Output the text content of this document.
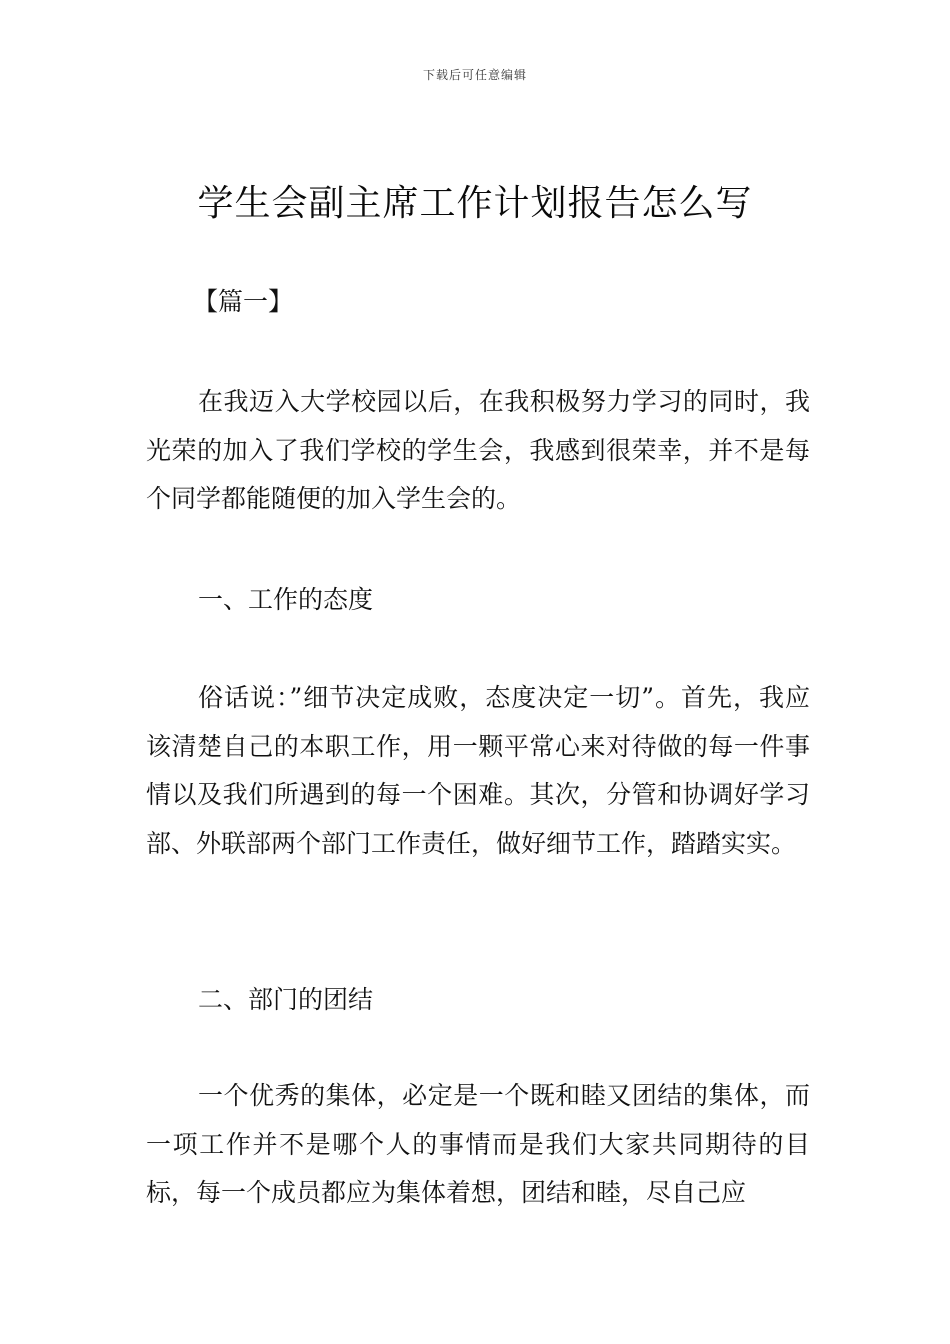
下载后可任意编辑
学生会副主席工作计划报告怎么写
【篇一】

在我迈入大学校园以后，在我积极努力学习的同时，我光荣的加入了我们学校的学生会，我感到很荣幸，并不是每个同学都能随便的加入学生会的。

一、工作的态度

俗话说：”细节决定成败，态度决定一切”。首先，我应该清楚自己的本职工作，用一颗平常心来对待做的每一件事情以及我们所遇到的每一个困难。其次，分管和协调好学习部、外联部两个部门工作责任，做好细节工作，踏踏实实。

二、部门的团结

一个优秀的集体，必定是一个既和睦又团结的集体，而一项工作并不是哪个人的事情而是我们大家共同期待的目标，每一个成员都应为集体着想，团结和睦，尽自己应
